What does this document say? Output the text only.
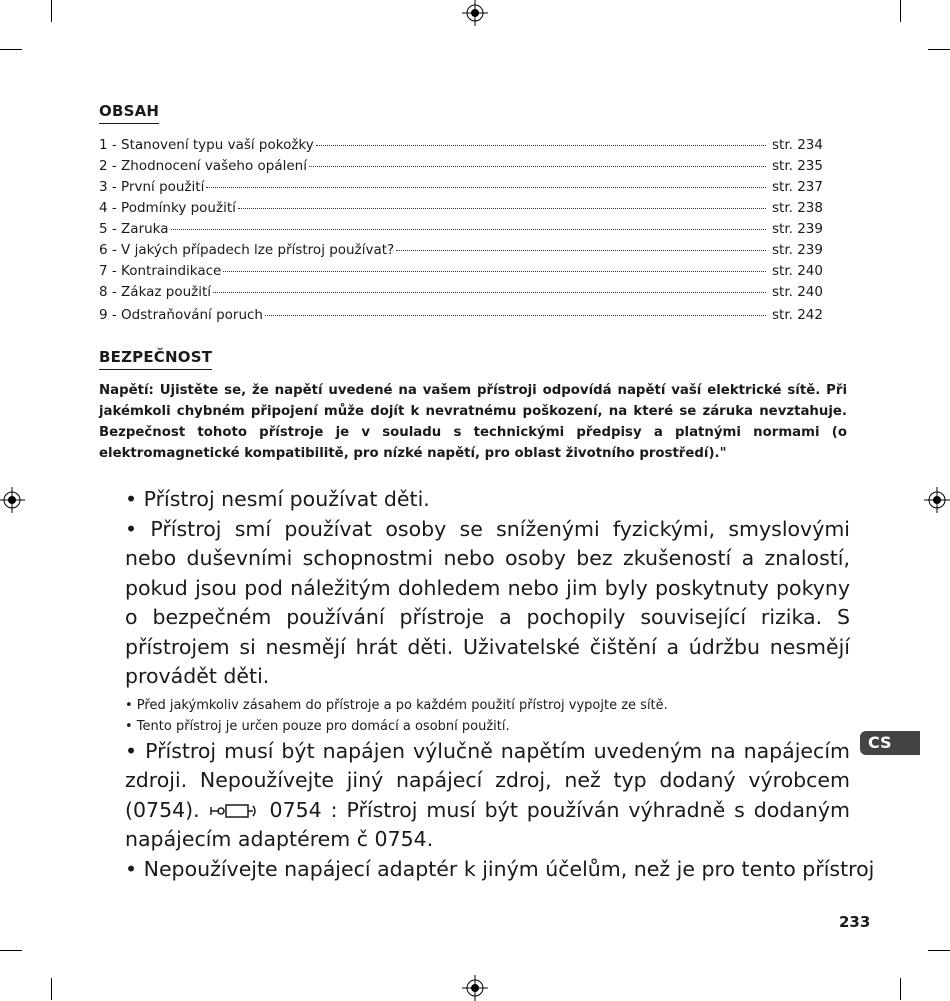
OBSAH
1 - Stanovení typu vaší pokožky	str. 234
2 - Zhodnocení vašeho opálení	str. 235
3 - První použití	str. 237
4 - Podmínky použití	str. 238
5 - Zaruka	str. 239
6 - V jakých případech lze přístroj používat?	str. 239
7 - Kontraindikace	str. 240
8 - Zákaz použití	str. 240
9 - Odstraňování poruch	str. 242
BEZPEČNOST
Napětí: Ujistěte se, že napětí uvedené na vašem přístroji odpovídá napětí vaší elektrické sítě. Při jakémkoli chybném připojení může dojít k nevratnému poškození, na které se záruka nevztahuje. Bezpečnost tohoto přístroje je v souladu s technickými předpisy a platnými normami (o elektromagnetické kompatibilitě, pro nízké napětí, pro oblast životního prostředí)."

• Přístroj nesmí používat děti.

• Přístroj smí používat osoby se sníženými fyzickými, smyslovými nebo duševními schopnostmi nebo osoby bez zkušeností a znalostí, pokud jsou pod náležitým dohledem nebo jim byly poskytnuty pokyny o bezpečném používání přístroje a pochopily související rizika. S přístrojem si nesmějí hrát děti. Uživatelské čištění a údržbu nesmějí provádět děti.

• Před jakýmkoliv zásahem do přístroje a po každém použití přístroj vypojte ze sítě.

• Tento přístroj je určen pouze pro domácí a osobní použití.

• Přístroj musí být napájen výlučně napětím uvedeným na napájecím zdroji. Nepoužívejte jiný napájecí zdroj, než typ dodaný výrobcem (0754).	0754 : Přístroj musí být používán výhradně s dodaným napájecím adaptérem č 0754.

• Nepoužívejte napájecí adaptér k jiným účelům, než je pro tento přístroj

CS
233
